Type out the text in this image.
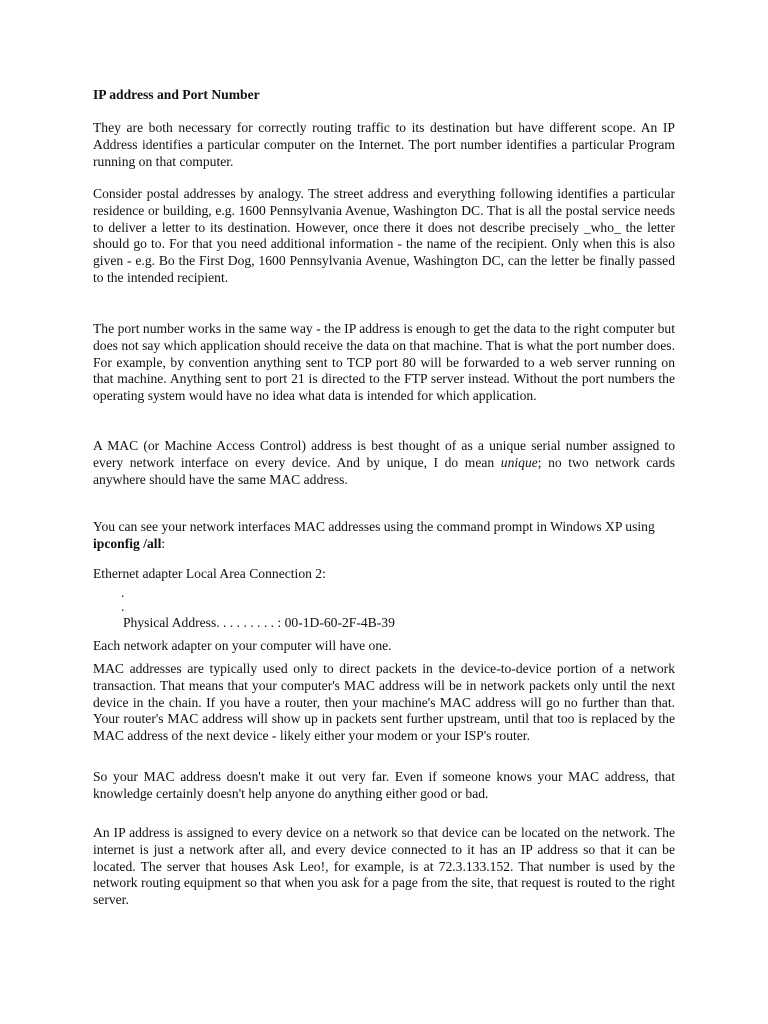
IP address and Port Number

They are both necessary for correctly routing traffic to its destination but have different scope. An IP Address identifies a particular computer on the Internet. The port number identifies a particular Program running on that computer.

Consider postal addresses by analogy. The street address and everything following identifies a particular residence or building, e.g. 1600 Pennsylvania Avenue, Washington DC. That is all the postal service needs to deliver a letter to its destination. However, once there it does not describe precisely _who_ the letter should go to. For that you need additional information - the name of the recipient. Only when this is also given - e.g. Bo the First Dog, 1600 Pennsylvania Avenue, Washington DC, can the letter be finally passed to the intended recipient.

The port number works in the same way - the IP address is enough to get the data to the right computer but does not say which application should receive the data on that machine. That is what the port number does. For example, by convention anything sent to TCP port 80 will be forwarded to a web server running on that machine. Anything sent to port 21 is directed to the FTP server instead. Without the port numbers the operating system would have no idea what data is intended for which application.

A MAC (or Machine Access Control) address is best thought of as a unique serial number assigned to every network interface on every device. And by unique, I do mean unique; no two network cards anywhere should have the same MAC address.

You can see your network interfaces MAC addresses using the command prompt in Windows XP using ipconfig /all:

Ethernet adapter Local Area Connection 2:

.
.
Physical Address. . . . . . . . . : 00-1D-60-2F-4B-39

Each network adapter on your computer will have one.

MAC addresses are typically used only to direct packets in the device-to-device portion of a network transaction. That means that your computer's MAC address will be in network packets only until the next device in the chain. If you have a router, then your machine's MAC address will go no further than that. Your router's MAC address will show up in packets sent further upstream, until that too is replaced by the MAC address of the next device - likely either your modem or your ISP's router.

So your MAC address doesn't make it out very far. Even if someone knows your MAC address, that knowledge certainly doesn't help anyone do anything either good or bad.

An IP address is assigned to every device on a network so that device can be located on the network. The internet is just a network after all, and every device connected to it has an IP address so that it can be located. The server that houses Ask Leo!, for example, is at 72.3.133.152. That number is used by the network routing equipment so that when you ask for a page from the site, that request is routed to the right server.
